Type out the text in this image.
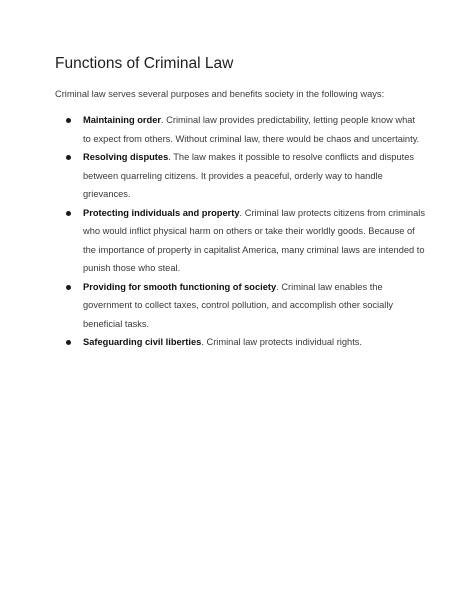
Functions of Criminal Law

Criminal law serves several purposes and benefits society in the following ways:

Maintaining order. Criminal law provides predictability, letting people know what to expect from others. Without criminal law, there would be chaos and uncertainty.
Resolving disputes. The law makes it possible to resolve conflicts and disputes between quarreling citizens. It provides a peaceful, orderly way to handle grievances.
Protecting individuals and property. Criminal law protects citizens from criminals who would inflict physical harm on others or take their worldly goods. Because of the importance of property in capitalist America, many criminal laws are intended to punish those who steal.
Providing for smooth functioning of society. Criminal law enables the government to collect taxes, control pollution, and accomplish other socially beneficial tasks.
Safeguarding civil liberties. Criminal law protects individual rights.
